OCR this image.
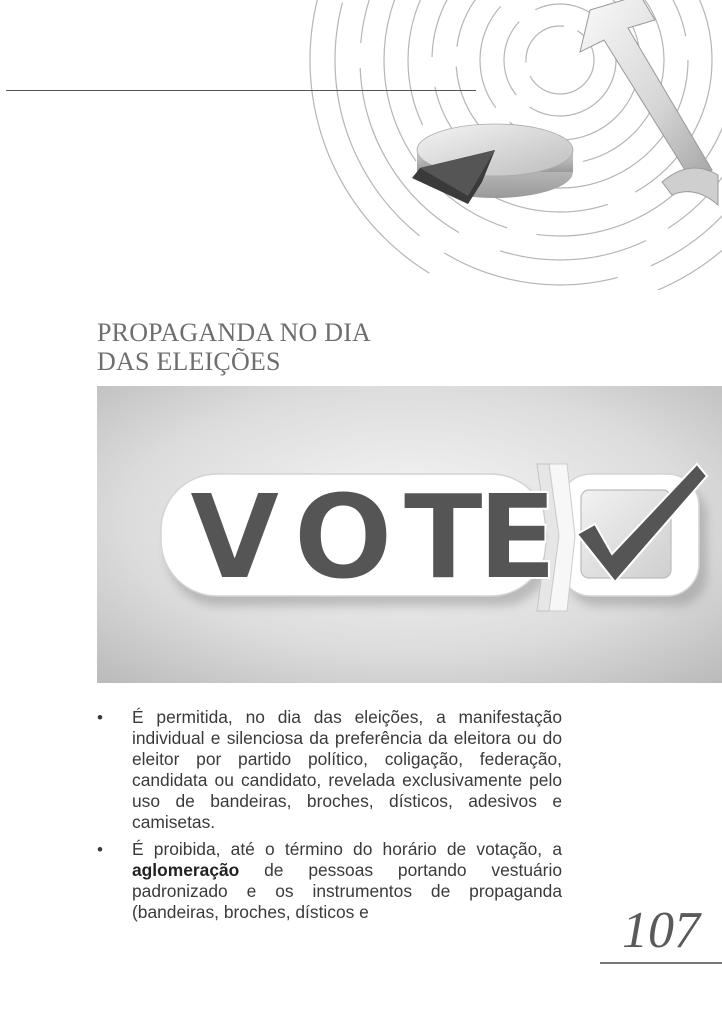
PROPAGANDA NO DIA
DAS ELEIÇÕES
V O T
E
• É permitida, no dia das eleições, a manifestação individual e silenciosa da preferência da eleitora ou do eleitor por partido político, coligação, federação, candidata ou candidato, revelada exclusivamente pelo uso de bandeiras, broches, dísticos, adesivos e camisetas.
• É proibida, até o término do horário de votação, a aglomeração de pessoas portando vestuário padronizado e os instrumentos de propaganda (bandeiras, broches, dísticos e	107
